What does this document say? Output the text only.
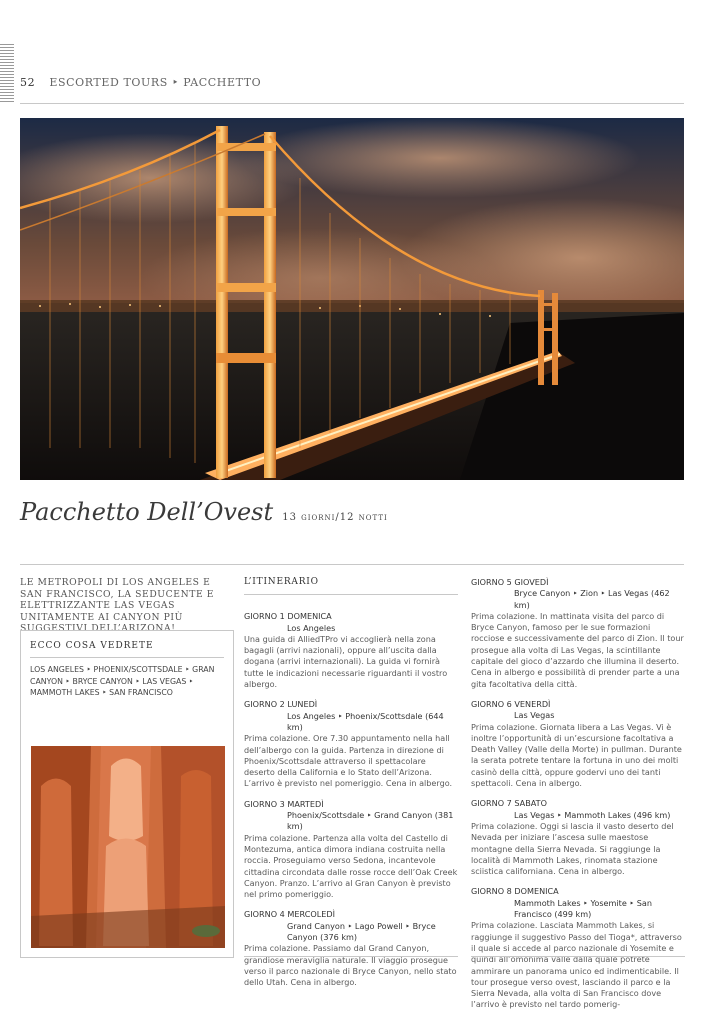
52 ESCORTED TOURS ‣ PACCHETTO
Pacchetto Dell’Ovest 13 giorni/12 notti
LE METROPOLI DI LOS ANGELES E SAN FRANCISCO, LA SEDUCENTE E ELETTRIZZANTE LAS VEGAS UNITAMENTE AI CANYON PIÙ SUGGESTIVI DELL’ARIZONA!
ECCO COSA VEDRETE
LOS ANGELES ‣ PHOENIX/SCOTTSDALE ‣ GRAN CANYON ‣ BRYCE CANYON ‣ LAS VEGAS ‣ MAMMOTH LAKES ‣ SAN FRANCISCO
L’ITINERARIO
GIORNO 1 DOMENICA
Los Angeles
Una guida di AlliedTPro vi accoglierà nella zona bagagli (arrivi nazionali), oppure all’uscita dalla dogana (arrivi internazionali). La guida vi fornirà tutte le indicazioni necessarie riguardanti il vostro albergo.
GIORNO 2 LUNEDÌ
Los Angeles ‣ Phoenix/Scottsdale (644 km)
Prima colazione. Ore 7.30 appuntamento nella hall dell’albergo con la guida. Partenza in direzione di Phoenix/Scottsdale attraverso il spettacolare deserto della California e lo Stato dell’Arizona. L’arrivo è previsto nel pomeriggio. Cena in albergo.
GIORNO 3 MARTEDÌ
Phoenix/Scottsdale ‣ Grand Canyon (381 km)
Prima colazione. Partenza alla volta del Castello di Montezuma, antica dimora indiana costruita nella roccia. Proseguiamo verso Sedona, incantevole cittadina circondata dalle rosse rocce dell’Oak Creek Canyon. Pranzo. L’arrivo al Gran Canyon è previsto nel primo pomeriggio.
GIORNO 4 MERCOLEDÌ
Grand Canyon ‣ Lago Powell ‣ Bryce Canyon (376 km)
Prima colazione. Passiamo dal Grand Canyon, grandiose meraviglia naturale. Il viaggio prosegue verso il parco nazionale di Bryce Canyon, nello stato dello Utah. Cena in albergo.
GIORNO 5 GIOVEDÌ
Bryce Canyon ‣ Zion ‣ Las Vegas (462 km)
Prima colazione. In mattinata visita del parco di Bryce Canyon, famoso per le sue formazioni rocciose e successivamente del parco di Zion. Il tour prosegue alla volta di Las Vegas, la scintillante capitale del gioco d’azzardo che illumina il deserto. Cena in albergo e possibilità di prender parte a una gita facoltativa della città.
GIORNO 6 VENERDÌ
Las Vegas
Prima colazione. Giornata libera a Las Vegas. Vi è inoltre l’opportunità di un’escursione facoltativa a Death Valley (Valle della Morte) in pullman. Durante la serata potrete tentare la fortuna in uno dei molti casinò della città, oppure godervi uno dei tanti spettacoli. Cena in albergo.
GIORNO 7 SABATO
Las Vegas ‣ Mammoth Lakes (496 km)
Prima colazione. Oggi si lascia il vasto deserto del Nevada per iniziare l’ascesa sulle maestose montagne della Sierra Nevada. Si raggiunge la località di Mammoth Lakes, rinomata stazione sciistica californiana. Cena in albergo.
GIORNO 8 DOMENICA
Mammoth Lakes ‣ Yosemite ‣ San Francisco (499 km)
Prima colazione. Lasciata Mammoth Lakes, si raggiunge il suggestivo Passo del Tioga*, attraverso il quale si accede al parco nazionale di Yosemite e quindi all’omonima valle dalla quale potrete ammirare un panorama unico ed indimenticabile. Il tour prosegue verso ovest, lasciando il parco e la Sierra Nevada, alla volta di San Francisco dove l’arrivo è previsto nel tardo pomerig-
